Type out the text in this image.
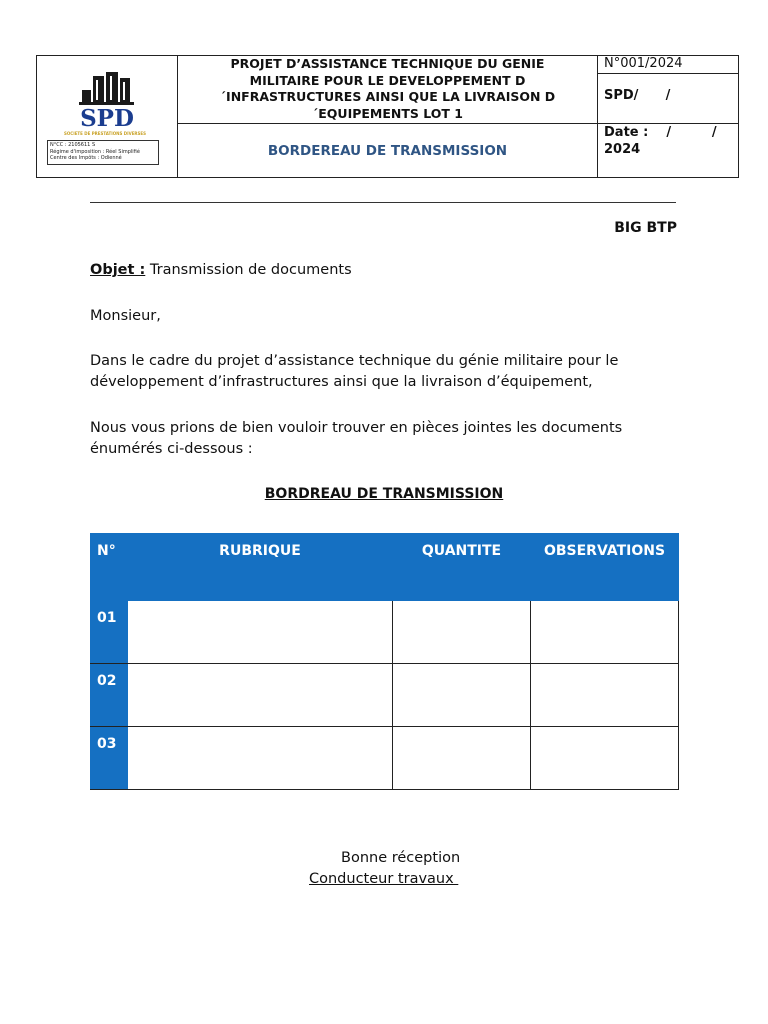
SPD
SOCIETE DE PRESTATIONS DIVERSES
N°CC : 2105611 S
Régime d'imposition : Réel Simplifié
Centre des Impôts : Odienné
PROJET D’ASSISTANCE TECHNIQUE DU GENIE
MILITAIRE POUR LE DEVELOPPEMENT D
´INFRASTRUCTURES AINSI QUE LA LIVRAISON D
´EQUIPEMENTS LOT 1
BORDEREAU DE TRANSMISSION
N°001/2024
SPD/      /
Date :    /         /
2024
BIG BTP
Objet : Transmission de documents
Monsieur,
Dans le cadre du projet d’assistance technique du génie militaire pour le
développement d’infrastructures ainsi que la livraison d’équipement,
Nous vous prions de bien vouloir trouver en pièces jointes les documents
énumérés ci-dessous :
BORDREAU DE TRANSMISSION
N°	RUBRIQUE	QUANTITE	OBSERVATIONS
01			
02			
03			
Bonne réception
Conducteur travaux
